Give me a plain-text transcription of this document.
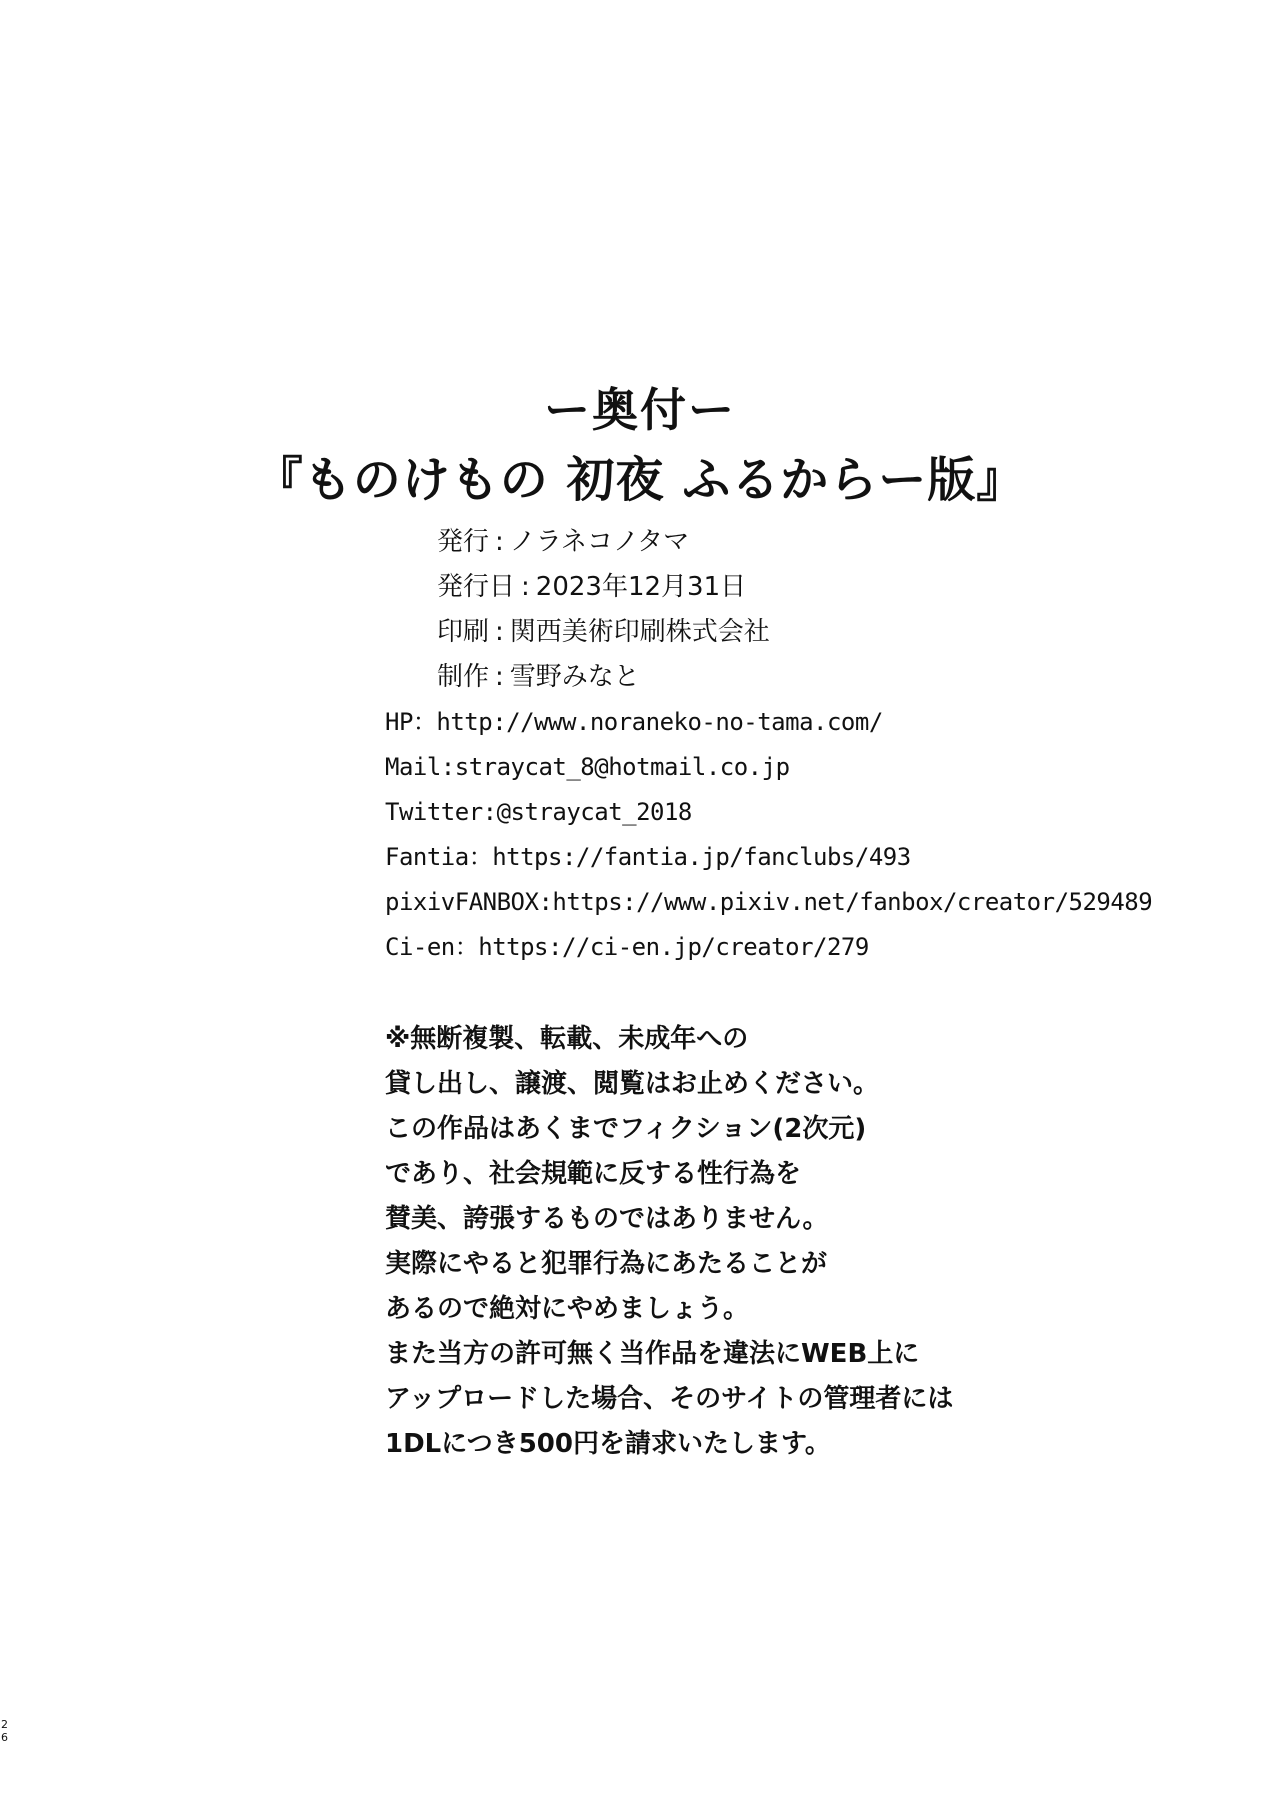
ー奥付ー
『ものけもの 初夜 ふるからー版』
発行 : ノラネコノタマ
発行日 : 2023年12月31日
印刷 : 関西美術印刷株式会社
制作 : 雪野みなと
HP：http://www.noraneko-no-tama.com/
Mail:straycat_8@hotmail.co.jp
Twitter:@straycat_2018
Fantia：https://fantia.jp/fanclubs/493
pixivFANBOX:https://www.pixiv.net/fanbox/creator/529489
Ci-en：https://ci-en.jp/creator/279
※無断複製、転載、未成年への
貸し出し、譲渡、閲覧はお止めください。
この作品はあくまでフィクション(2次元)
であり、社会規範に反する性行為を
賛美、誇張するものではありません。
実際にやると犯罪行為にあたることが
あるので絶対にやめましょう。
また当方の許可無く当作品を違法にWEB上に
アップロードした場合、そのサイトの管理者には
1DLにつき500円を請求いたします。
2
6
